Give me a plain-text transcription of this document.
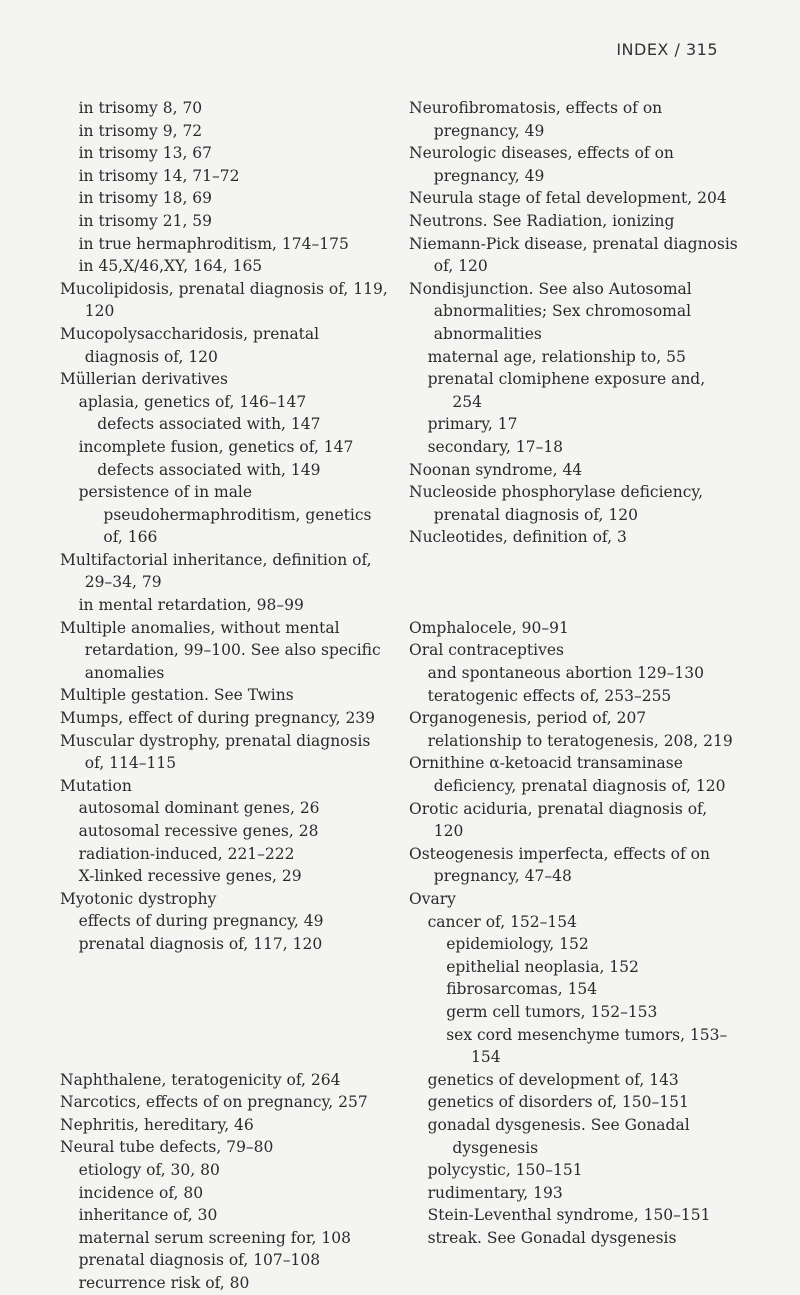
INDEX / 315
in trisomy 8, 70
in trisomy 9, 72
in trisomy 13, 67
in trisomy 14, 71–72
in trisomy 18, 69
in trisomy 21, 59
in true hermaphroditism, 174–175
in 45,X/46,XY, 164, 165
Mucolipidosis, prenatal diagnosis of, 119, 120
Mucopolysaccharidosis, prenatal diagnosis of, 120
Müllerian derivatives
aplasia, genetics of, 146–147
defects associated with, 147
incomplete fusion, genetics of, 147
defects associated with, 149
persistence of in male pseudohermaphroditism, genetics of, 166
Multifactorial inheritance, definition of, 29–34, 79
in mental retardation, 98–99
Multiple anomalies, without mental retardation, 99–100. See also specific anomalies
Multiple gestation. See Twins
Mumps, effect of during pregnancy, 239
Muscular dystrophy, prenatal diagnosis of, 114–115
Mutation
autosomal dominant genes, 26
autosomal recessive genes, 28
radiation-induced, 221–222
X-linked recessive genes, 29
Myotonic dystrophy
effects of during pregnancy, 49
prenatal diagnosis of, 117, 120
Naphthalene, teratogenicity of, 264
Narcotics, effects of on pregnancy, 257
Nephritis, hereditary, 46
Neural tube defects, 79–80
etiology of, 30, 80
incidence of, 80
inheritance of, 30
maternal serum screening for, 108
prenatal diagnosis of, 107–108
recurrence risk of, 80
Neurofibromatosis, effects of on pregnancy, 49
Neurologic diseases, effects of on pregnancy, 49
Neurula stage of fetal development, 204
Neutrons. See Radiation, ionizing
Niemann-Pick disease, prenatal diagnosis of, 120
Nondisjunction. See also Autosomal abnormalities; Sex chromosomal abnormalities
maternal age, relationship to, 55
prenatal clomiphene exposure and, 254
primary, 17
secondary, 17–18
Noonan syndrome, 44
Nucleoside phosphorylase deficiency, prenatal diagnosis of, 120
Nucleotides, definition of, 3
Omphalocele, 90–91
Oral contraceptives
and spontaneous abortion 129–130
teratogenic effects of, 253–255
Organogenesis, period of, 207
relationship to teratogenesis, 208, 219
Ornithine α-ketoacid transaminase deficiency, prenatal diagnosis of, 120
Orotic aciduria, prenatal diagnosis of, 120
Osteogenesis imperfecta, effects of on pregnancy, 47–48
Ovary
cancer of, 152–154
epidemiology, 152
epithelial neoplasia, 152
fibrosarcomas, 154
germ cell tumors, 152–153
sex cord mesenchyme tumors, 153–154
genetics of development of, 143
genetics of disorders of, 150–151
gonadal dysgenesis. See Gonadal dysgenesis
polycystic, 150–151
rudimentary, 193
Stein-Leventhal syndrome, 150–151
streak. See Gonadal dysgenesis
